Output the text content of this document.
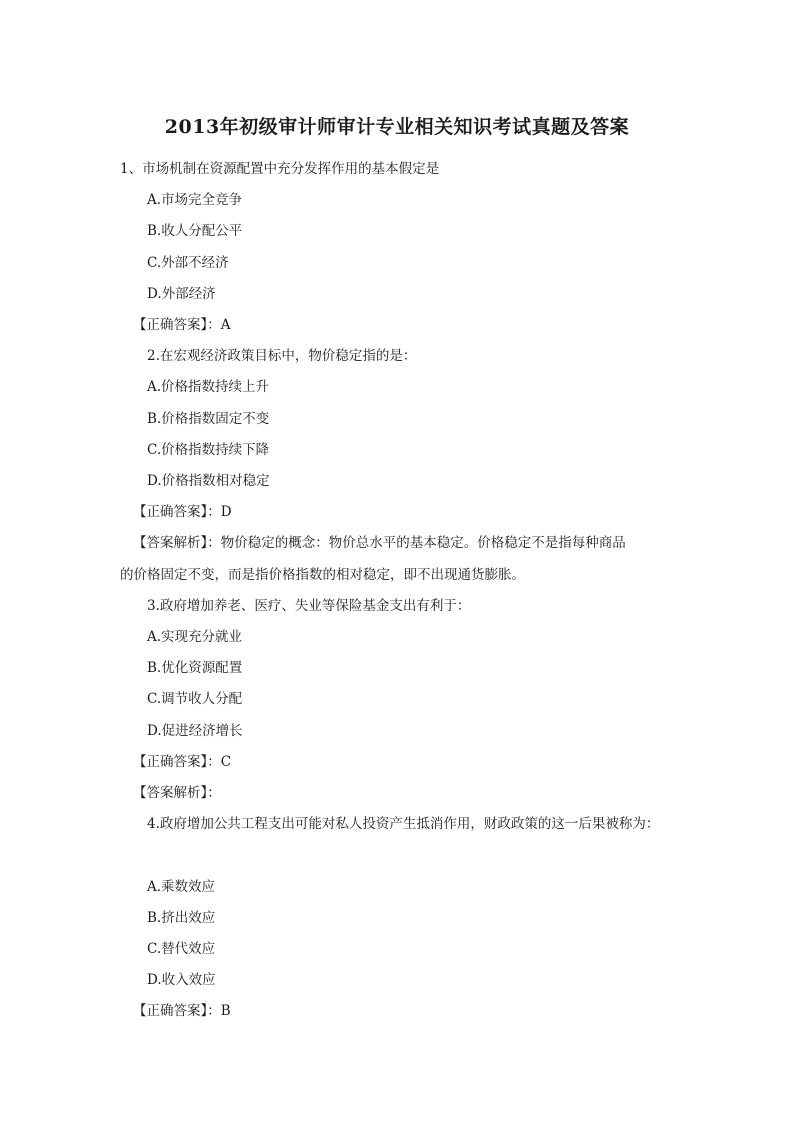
2013年初级审计师审计专业相关知识考试真题及答案
1、市场机制在资源配置中充分发挥作用的基本假定是
A.市场完全竞争
B.收人分配公平
C.外部不经济
D.外部经济
【正确答案】：A
2.在宏观经济政策目标中，物价稳定指的是：
A.价格指数持续上升
B.价格指数固定不变
C.价格指数持续下降
D.价格指数相对稳定
【正确答案】：D
【答案解析】：物价稳定的概念：物价总水平的基本稳定。价格稳定不是指每种商品
的价格固定不变，而是指价格指数的相对稳定，即不出现通货膨胀。
3.政府增加养老、医疗、失业等保险基金支出有利于：
A.实现充分就业
B.优化资源配置
C.调节收人分配
D.促进经济增长
【正确答案】：C
【答案解析】：
4.政府增加公共工程支出可能对私人投资产生抵消作用，财政政策的这一后果被称为：
A.乘数效应
B.挤出效应
C.替代效应
D.收入效应
【正确答案】：B
